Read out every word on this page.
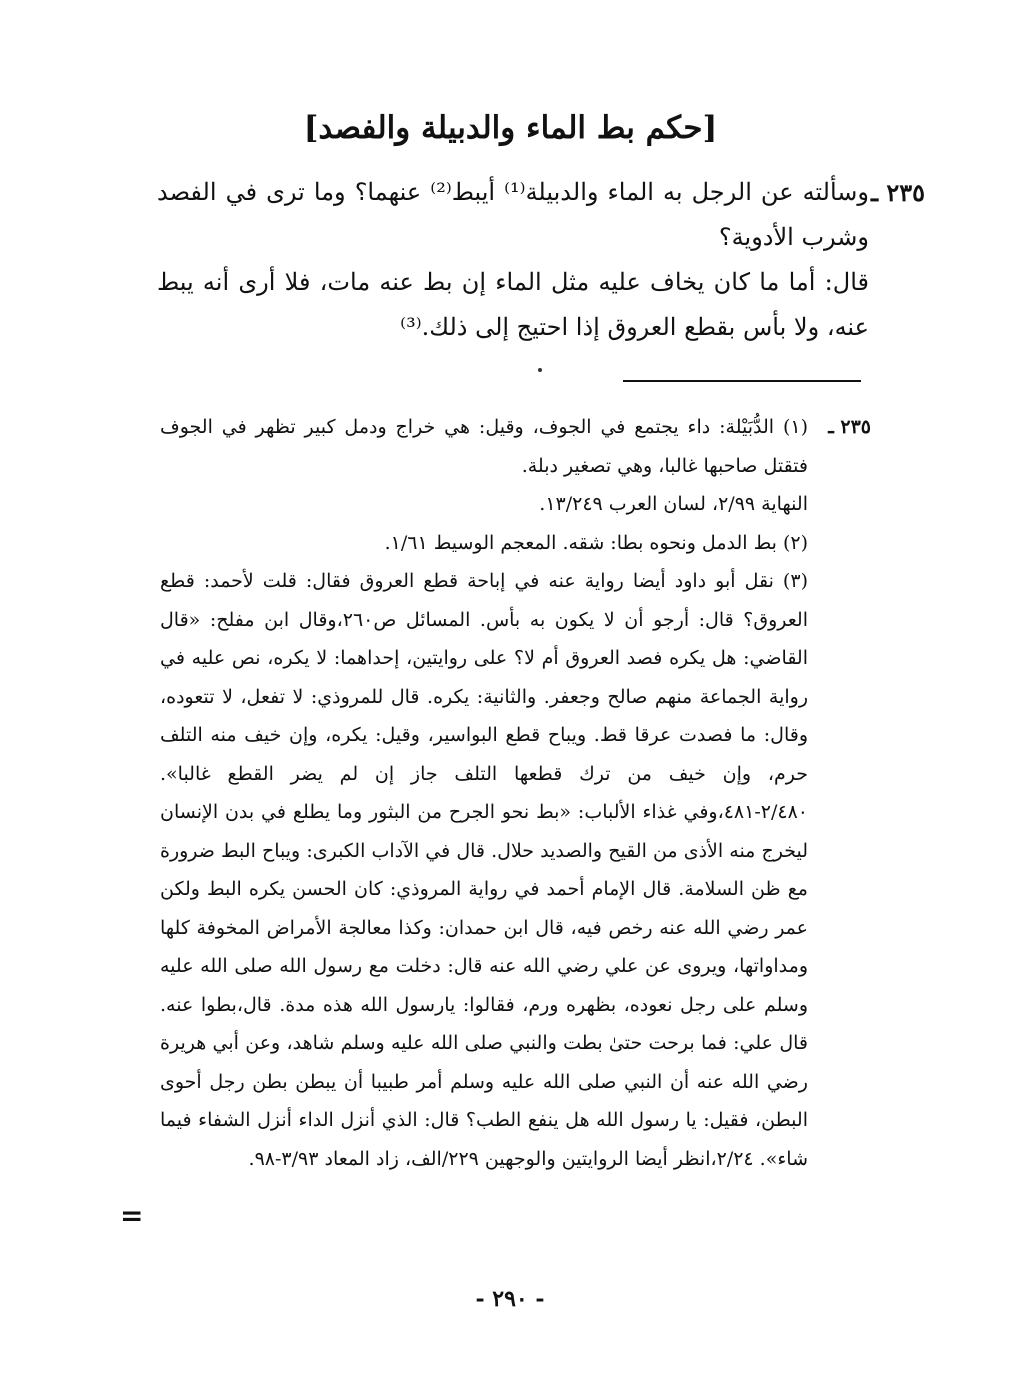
[حكم بط الماء والدبيلة والفصد]

٢٣٥ ـ
وسألته عن الرجل به الماء والدبيلة⁽¹⁾ أيبط⁽²⁾ عنهما؟ وما ترى في الفصد وشرب الأدوية؟

قال: أما ما كان يخاف عليه مثل الماء إن بط عنه مات، فلا أرى أنه يبط عنه، ولا بأس بقطع العروق إذا احتيج إلى ذلك.⁽³⁾

٢٣٥ ـ

(١) الدُّبَيْلة: داء يجتمع في الجوف، وقيل: هي خراج ودمل كبير تظهر في الجوف فتقتل صاحبها غالبا، وهي تصغير دبلة.

النهاية ٢/٩٩، لسان العرب ١٣/٢٤٩.

(٢) بط الدمل ونحوه بطا: شقه. المعجم الوسيط ١/٦١.

(٣) نقل أبو داود أيضا رواية عنه في إباحة قطع العروق فقال: قلت لأحمد: قطع العروق؟ قال: أرجو أن لا يكون به بأس. المسائل ص٢٦٠،وقال ابن مفلح: «قال القاضي: هل يكره فصد العروق أم لا؟ على روايتين، إحداهما: لا يكره، نص عليه في رواية الجماعة منهم صالح وجعفر. والثانية: يكره. قال للمروذي: لا تفعل، لا تتعوده، وقال: ما فصدت عرقا قط. ويباح قطع البواسير، وقيل: يكره، وإن خيف منه التلف حرم، وإن خيف من ترك قطعها التلف جاز إن لم يضر القطع غالبا». ٢/٤٨٠-٤٨١،وفي غذاء الألباب: «بط نحو الجرح من البثور وما يطلع في بدن الإنسان ليخرج منه الأذى من القيح والصديد حلال. قال في الآداب الكبرى: ويباح البط ضرورة مع ظن السلامة. قال الإمام أحمد في رواية المروذي: كان الحسن يكره البط ولكن عمر رضي الله عنه رخص فيه، قال ابن حمدان: وكذا معالجة الأمراض المخوفة كلها ومداواتها، ويروى عن علي رضي الله عنه قال: دخلت مع رسول الله صلى الله عليه وسلم على رجل نعوده، بظهره ورم، فقالوا: يارسول الله هذه مدة. قال،بطوا عنه. قال علي: فما برحت حتىٰ بطت والنبي صلى الله عليه وسلم شاهد، وعن أبي هريرة رضي الله عنه أن النبي صلى الله عليه وسلم أمر طبيبا أن يبطن بطن رجل أحوى البطن، فقيل: يا رسول الله هل ينفع الطب؟ قال: الذي أنزل الداء أنزل الشفاء فيما شاء». ٢/٢٤،انظر أيضا الروايتين والوجهين ٢٢٩/الف، زاد المعاد ٣/٩٣-٩٨.

=
- ٢٩٠ -
